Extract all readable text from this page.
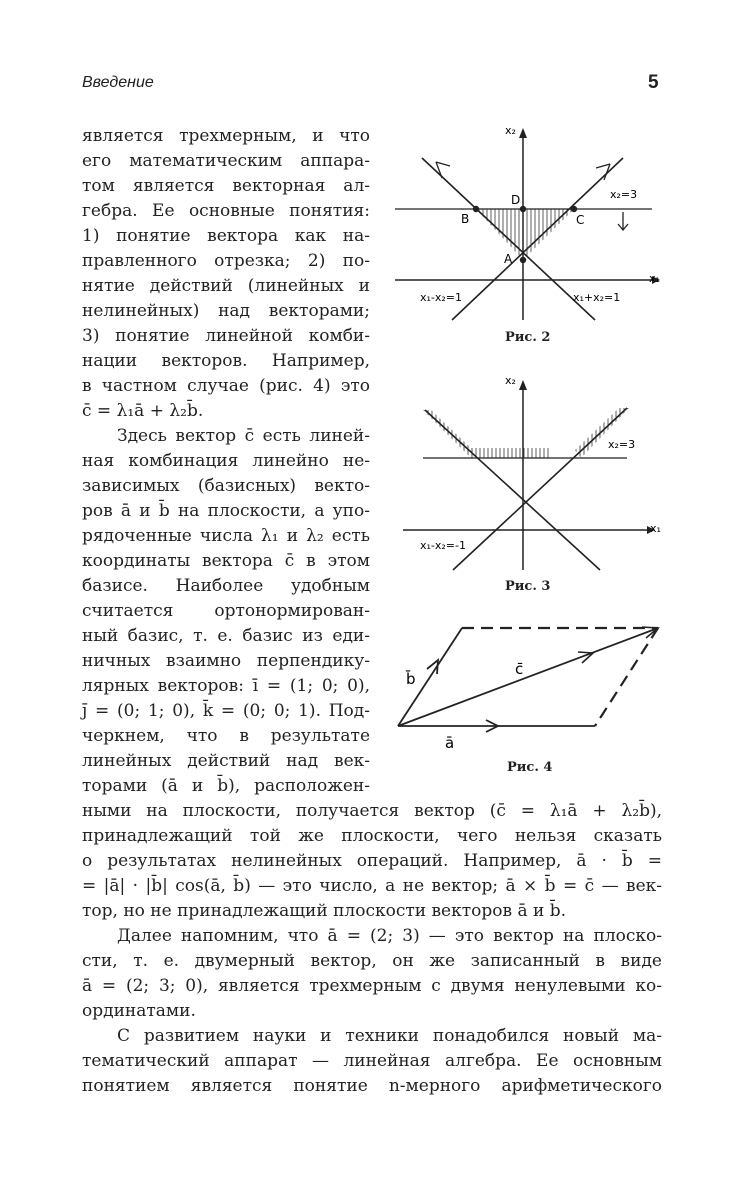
Введение	5
является трехмерным, и что
его математическим аппара-
том является векторная ал-
гебра. Ее основные понятия:
1) понятие вектора как на-
правленного отрезка; 2) по-
нятие действий (линейных и
нелинейных) над векторами;
3) понятие линейной комби-
нации векторов. Например,
в частном случае (рис. 4) это
c̄ = λ₁ā + λ₂b̄.
Здесь вектор c̄ есть линей-
ная комбинация линейно не-
зависимых (базисных) векто-
ров ā и b̄ на плоскости, а упо-
рядоченные числа λ₁ и λ₂ есть
координаты вектора c̄ в этом
базисе. Наиболее удобным
считается ортонормирован-
ный базис, т. е. базис из еди-
ничных взаимно перпендику-
лярных векторов: ī = (1; 0; 0),
j̄ = (0; 1; 0), k̄ = (0; 0; 1). Под-
черкнем, что в результате
линейных действий над век-
торами (ā и b̄), расположен-
ными на плоскости, получается вектор (c̄ = λ₁ā + λ₂b̄),
принадлежащий той же плоскости, чего нельзя сказать
о результатах нелинейных операций. Например, ā · b̄ =
= |ā| · |b̄| cos(ā, b̄) — это число, а не вектор; ā × b̄ = c̄ — век-
тор, но не принадлежащий плоскости векторов ā и b̄.
Далее напомним, что ā = (2; 3) — это вектор на плоско-
сти, т. е. двумерный вектор, он же записанный в виде
ā = (2; 3; 0), является трехмерным с двумя ненулевыми ко-
ординатами.
С развитием науки и техники понадобился новый ма-
тематический аппарат — линейная алгебра. Ее основным
понятием является понятие n-мерного арифметического
x₁
x₂
B
D
C
A
x₂=3
x₁-x₂=1	x₁+x₂=1
Рис. 2
x₁
x₂
x₂=3
x₁-x₂=-1
Рис. 3
b̄
c̄
ā
Рис. 4
